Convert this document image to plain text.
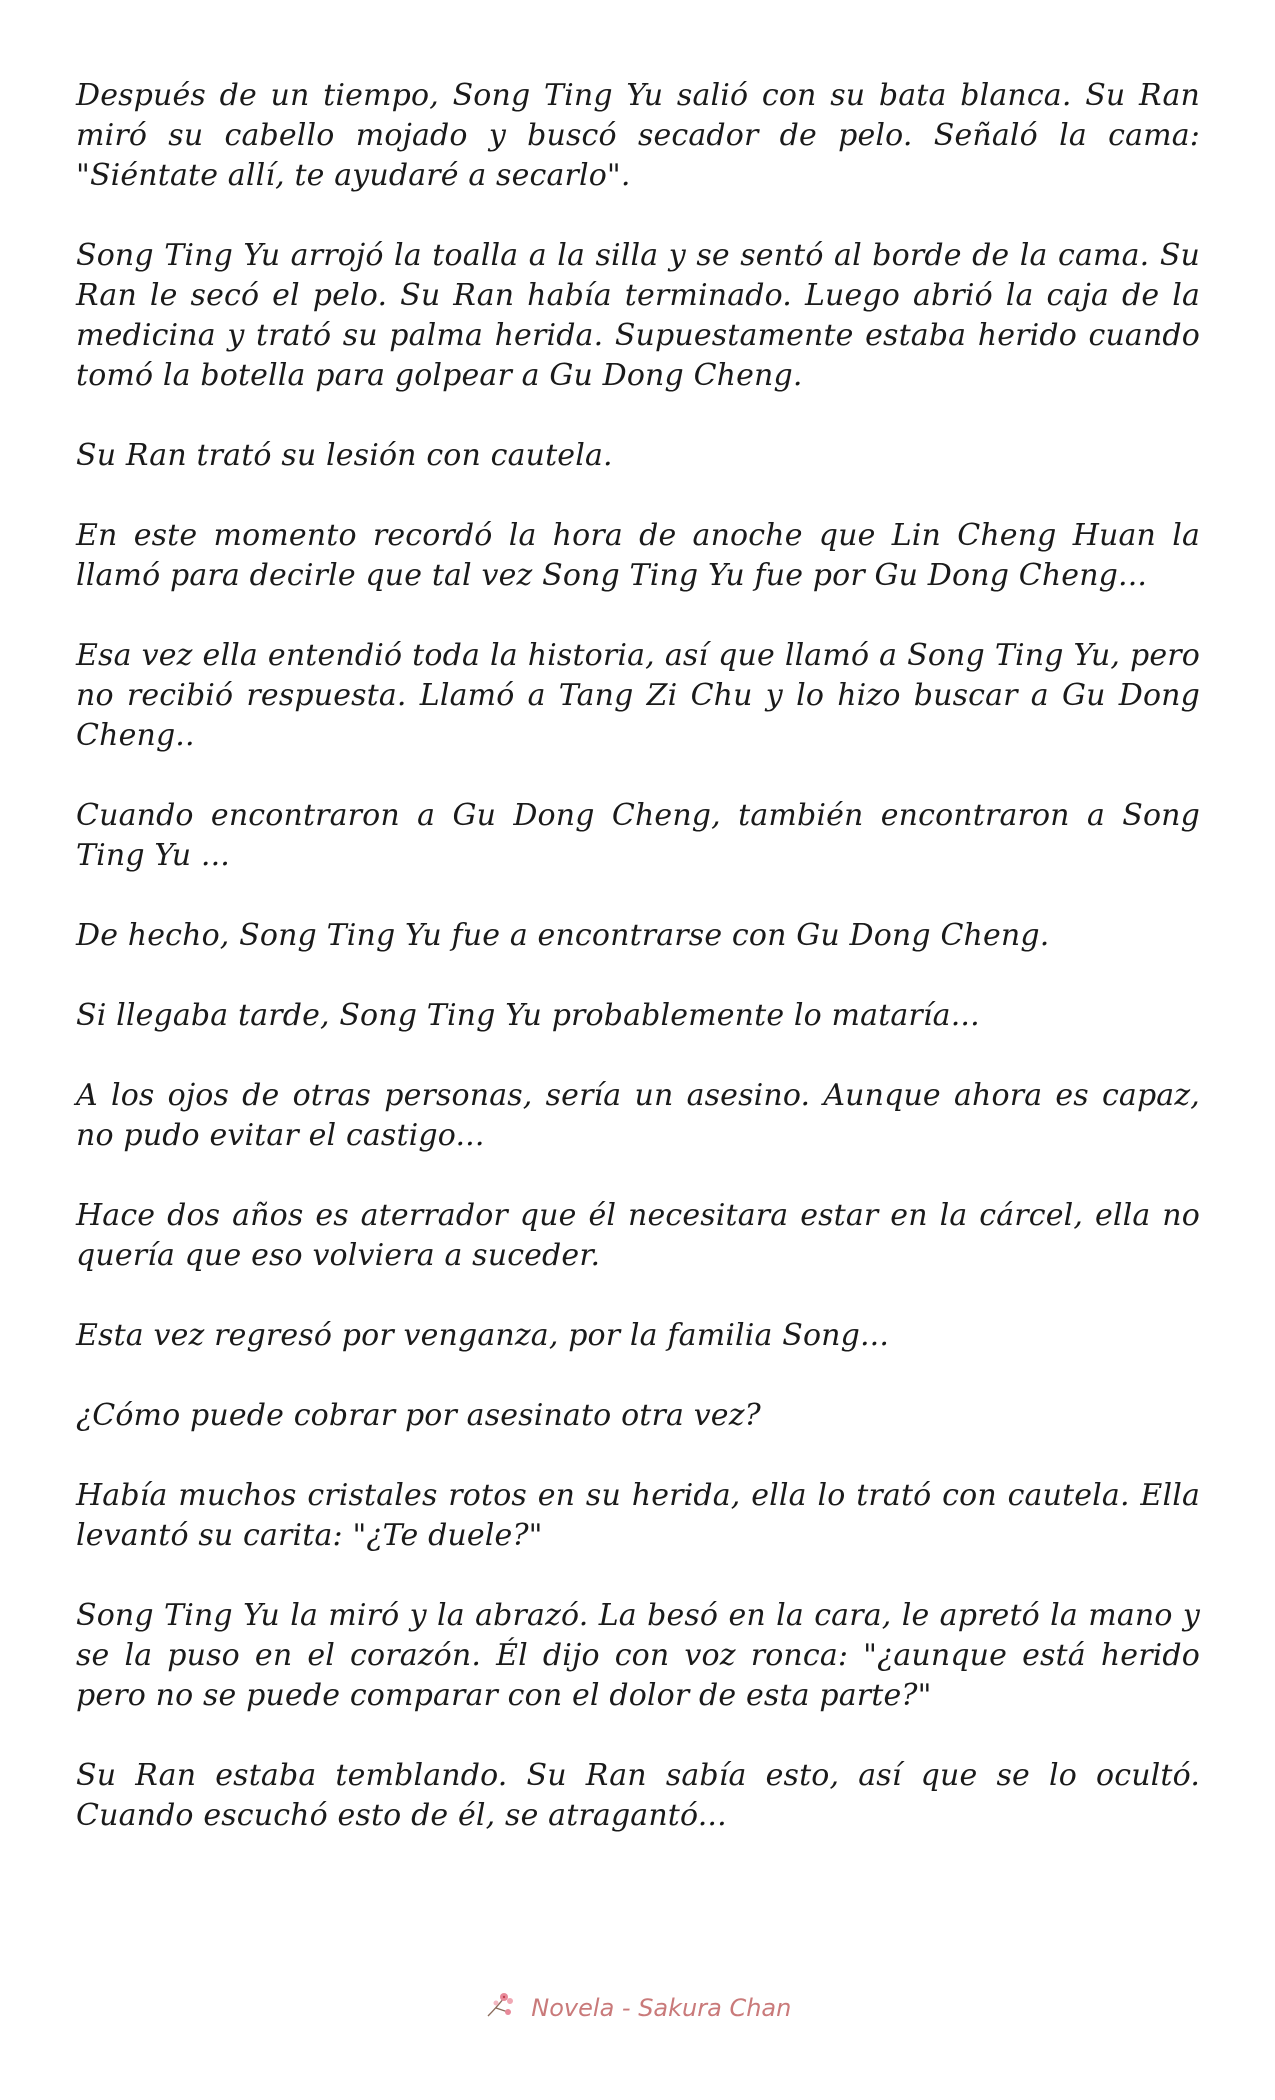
Después de un tiempo, Song Ting Yu salió con su bata blanca. Su Ran miró su cabello mojado y buscó secador de pelo. Señaló la cama: "Siéntate allí, te ayudaré a secarlo".

Song Ting Yu arrojó la toalla a la silla y se sentó al borde de la cama. Su Ran le secó el pelo. Su Ran había terminado. Luego abrió la caja de la medicina y trató su palma herida. Supuestamente estaba herido cuando tomó la botella para golpear a Gu Dong Cheng.

Su Ran trató su lesión con cautela.

En este momento recordó la hora de anoche que Lin Cheng Huan la llamó para decirle que tal vez Song Ting Yu fue por Gu Dong Cheng...

Esa vez ella entendió toda la historia, así que llamó a Song Ting Yu, pero no recibió respuesta. Llamó a Tang Zi Chu y lo hizo buscar a Gu Dong Cheng..

Cuando encontraron a Gu Dong Cheng, también encontraron a Song Ting Yu ...

De hecho, Song Ting Yu fue a encontrarse con Gu Dong Cheng.

Si llegaba tarde, Song Ting Yu probablemente lo mataría...

A los ojos de otras personas, sería un asesino. Aunque ahora es capaz, no pudo evitar el castigo...

Hace dos años es aterrador que él necesitara estar en la cárcel, ella no quería que eso volviera a suceder.

Esta vez regresó por venganza, por la familia Song...

¿Cómo puede cobrar por asesinato otra vez?

Había muchos cristales rotos en su herida, ella lo trató con cautela. Ella levantó su carita: "¿Te duele?"

Song Ting Yu la miró y la abrazó. La besó en la cara, le apretó la mano y se la puso en el corazón. Él dijo con voz ronca: "¿aunque está herido pero no se puede comparar con el dolor de esta parte?"

Su Ran estaba temblando. Su Ran sabía esto, así que se lo ocultó. Cuando escuchó esto de él, se atragantó...

Novela - Sakura Chan
